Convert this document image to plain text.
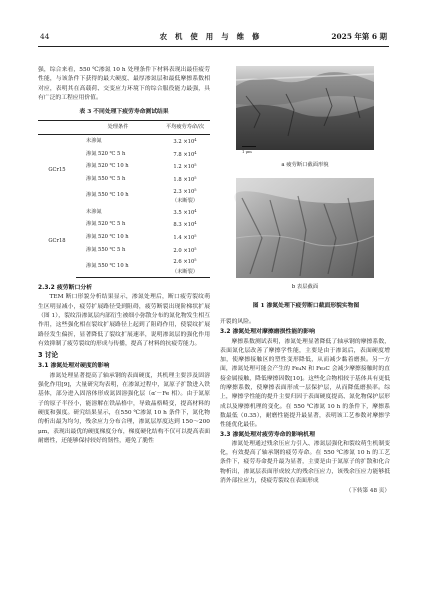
44	农机使用与维修	2025 年第 6 期

强，综合来看，550 ℃渗氮 10 h 处理条件下材料表现出最佳疲劳性能，与该条件下获得的最大硬度、最厚渗氮层和最低摩擦系数相对应，表明其在高载荷、交变应力环境下的综合服役能力最强，具有广泛的工程应用价值。

表 3 不同处理下疲劳寿命测试结果
	处理条件	平均疲劳寿命/次
GCr15	未渗氮	$3.2 \times 10^4$
	渗氮 520 ℃ 5 h	$7.8 \times 10^4$
	渗氮 520 ℃ 10 h	$1.2 \times 10^5$
	渗氮 550 ℃ 5 h	$1.8 \times 10^5$
	渗氮 550 ℃ 10 h	$2.3 \times 10^5$
（未断裂）
GCr18	未渗氮	$3.5 \times 10^4$
	渗氮 520 ℃ 5 h	$8.3 \times 10^4$
	渗氮 520 ℃ 10 h	$1.4 \times 10^5$
	渗氮 550 ℃ 5 h	$2.0 \times 10^5$
	渗氮 550 ℃ 10 h	$2.6 \times 10^5$
（未断裂）
2.3.2 疲劳断口分析

TEM 断口形貌分析结果显示，渗氮处理后，断口疲劳裂纹萌生区明显减小，疲劳扩展路径受到阻碍，疲劳断裂出现阶梯状扩展（图 1），裂纹沿渗氮层内部衍生被细小弥散分布的氮化物发生相互作用，这些强化相在裂纹扩展路径上起到了阻碍作用，使裂纹扩展路径发生偏折，显著降低了裂纹扩展速率，说明渗氮层的强化作用有效抑制了疲劳裂纹的形成与传播，提高了材料的抗疲劳能力。

3 讨论
3.1 渗氮处理对硬度的影响

渗氮处理显著提高了轴承钢的表面硬度，其机理主要涉及固溶强化作用[9]，大量研究均表明，在渗氮过程中，氮原子扩散进入铁基体，部分进入固溶体形成氮固溶强化层（α′－Fe 相）。由于氮原子的原子半径小，能溶解在铁晶格中，导致晶格畸变，提高材料的硬度和强度。研究结果显示，在550 ℃渗氮 10 h 条件下，氮化物的析出最为均匀，残余应力分布合理，渗氮层厚度达到 150～200 μm，表现出最优的硬度梯度分布，梯度硬化结构不仅可以提高表面耐磨性，还能够保持较好的韧性，避免了脆性

1 μm
a 疲劳断口截面形貌
b 表层截面
图 1 渗氮处理下疲劳断口截面形貌实物图

开裂的风险。

3.2 渗氮处理对摩擦磨损性能的影响

摩擦系数测试表明，渗氮处理显著降低了轴承钢的摩擦系数，表面氮化层改善了摩擦学性能，主要是由于渗氮后，表面硬度增加，使摩擦接触区的塑性变形降低，从而减少黏着磨损。另一方面，渗氮处理可能会产生的 Fe₄N 和 Fe₃C 会减少摩擦接触时的直接金属接触，降低摩擦因数[10]。这些化合物相较于基体具有更低的摩擦系数，使摩擦表面形成一层保护层，从而降低磨损率。综上，摩擦学性能的提升主要归因于表面硬度提高、氮化物保护层形成以及摩擦机理的变化。在 550 ℃渗氮 10 h 的条件下，摩擦系数最低（0.35），耐磨性能提升最显著，表明该工艺参数对摩擦学性能优化最佳。

3.3 渗氮处理对疲劳寿命的影响机理

渗氮处理通过残余压应力引入、渗氮层强化和裂纹萌生机制变化，有效提高了轴承钢的疲劳寿命。在 550 ℃渗氮 10 h 的工艺条件下，疲劳寿命提升最为显著，主要是由于氮原子的扩散和化合物析出，渗氮层表面形成较大的残余压应力，该残余压应力能够抵消外部拉应力，使疲劳裂纹在表面形成

（下转第 48 页）
